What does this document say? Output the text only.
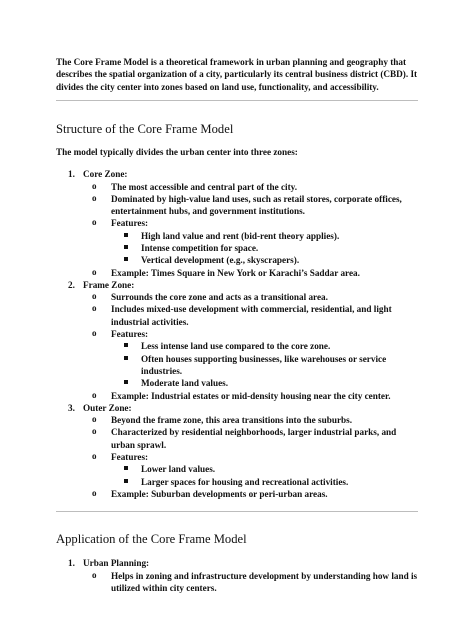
The Core Frame Model is a theoretical framework in urban planning and geography that describes the spatial organization of a city, particularly its central business district (CBD). It divides the city center into zones based on land use, functionality, and accessibility.

Structure of the Core Frame Model

The model typically divides the urban center into three zones:

1. Core Zone:
o The most accessible and central part of the city.
o Dominated by high-value land uses, such as retail stores, corporate offices, entertainment hubs, and government institutions.
o Features:
High land value and rent (bid-rent theory applies).
Intense competition for space.
Vertical development (e.g., skyscrapers).
o Example: Times Square in New York or Karachi’s Saddar area.
2. Frame Zone:
o Surrounds the core zone and acts as a transitional area.
o Includes mixed-use development with commercial, residential, and light industrial activities.
o Features:
Less intense land use compared to the core zone.
Often houses supporting businesses, like warehouses or service industries.
Moderate land values.
o Example: Industrial estates or mid-density housing near the city center.
3. Outer Zone:
o Beyond the frame zone, this area transitions into the suburbs.
o Characterized by residential neighborhoods, larger industrial parks, and urban sprawl.
o Features:
Lower land values.
Larger spaces for housing and recreational activities.
o Example: Suburban developments or peri-urban areas.
Application of the Core Frame Model
1. Urban Planning:
o Helps in zoning and infrastructure development by understanding how land is utilized within city centers.
